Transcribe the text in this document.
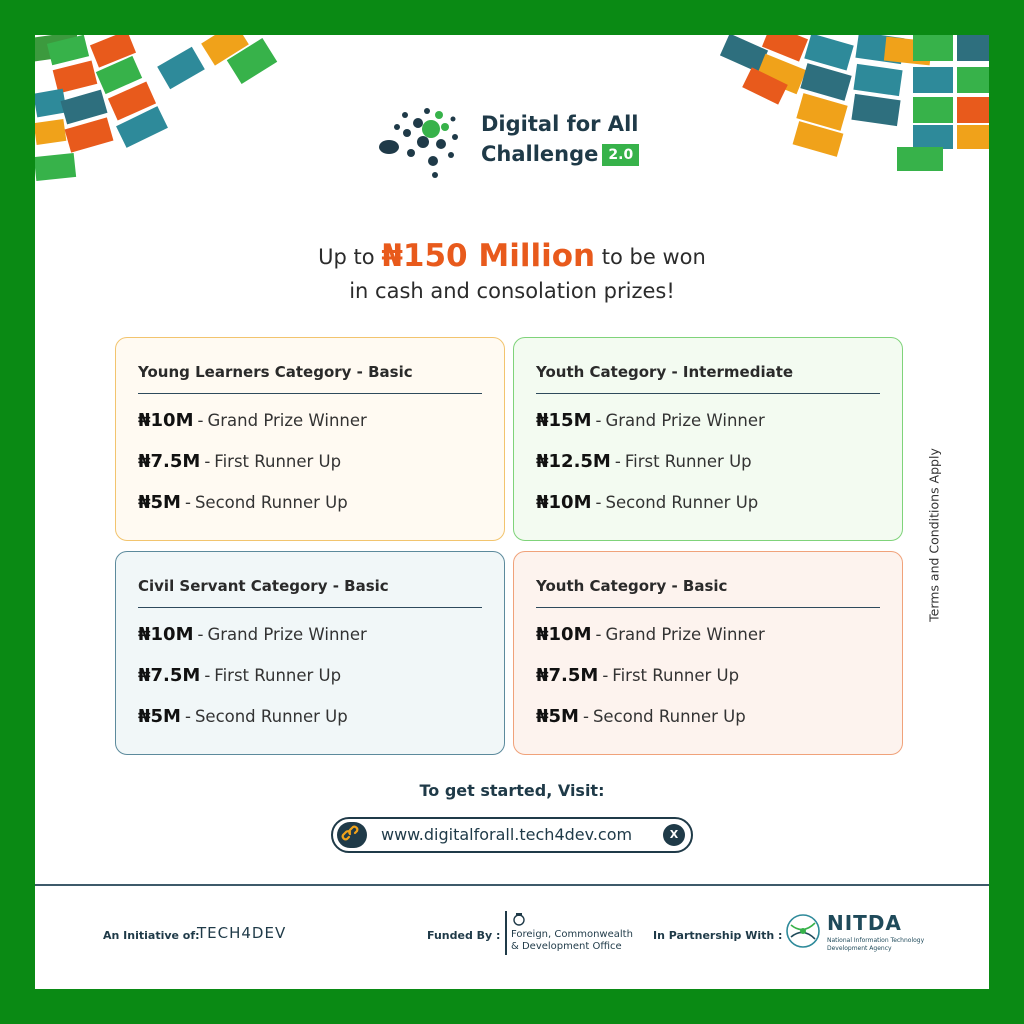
Digital for All
Challenge 2.0
Up to ₦150 Million to be won
in cash and consolation prizes!
Young Learners Category - Basic
₦10M - Grand Prize Winner
₦7.5M - First Runner Up
₦5M - Second Runner Up
Youth Category - Intermediate
₦15M - Grand Prize Winner
₦12.5M - First Runner Up
₦10M - Second Runner Up
Civil Servant Category - Basic
₦10M - Grand Prize Winner
₦7.5M - First Runner Up
₦5M - Second Runner Up
Youth Category - Basic
₦10M - Grand Prize Winner
₦7.5M - First Runner Up
₦5M - Second Runner Up
Terms and Conditions Apply
To get started, Visit:
www.digitalforall.tech4dev.com	X
An Initiative of:
TECH4DEV	Funded By : Foreign, Commonwealth
& Development Office
In Partnership With :
NITDA
National Information Technology Development Agency
